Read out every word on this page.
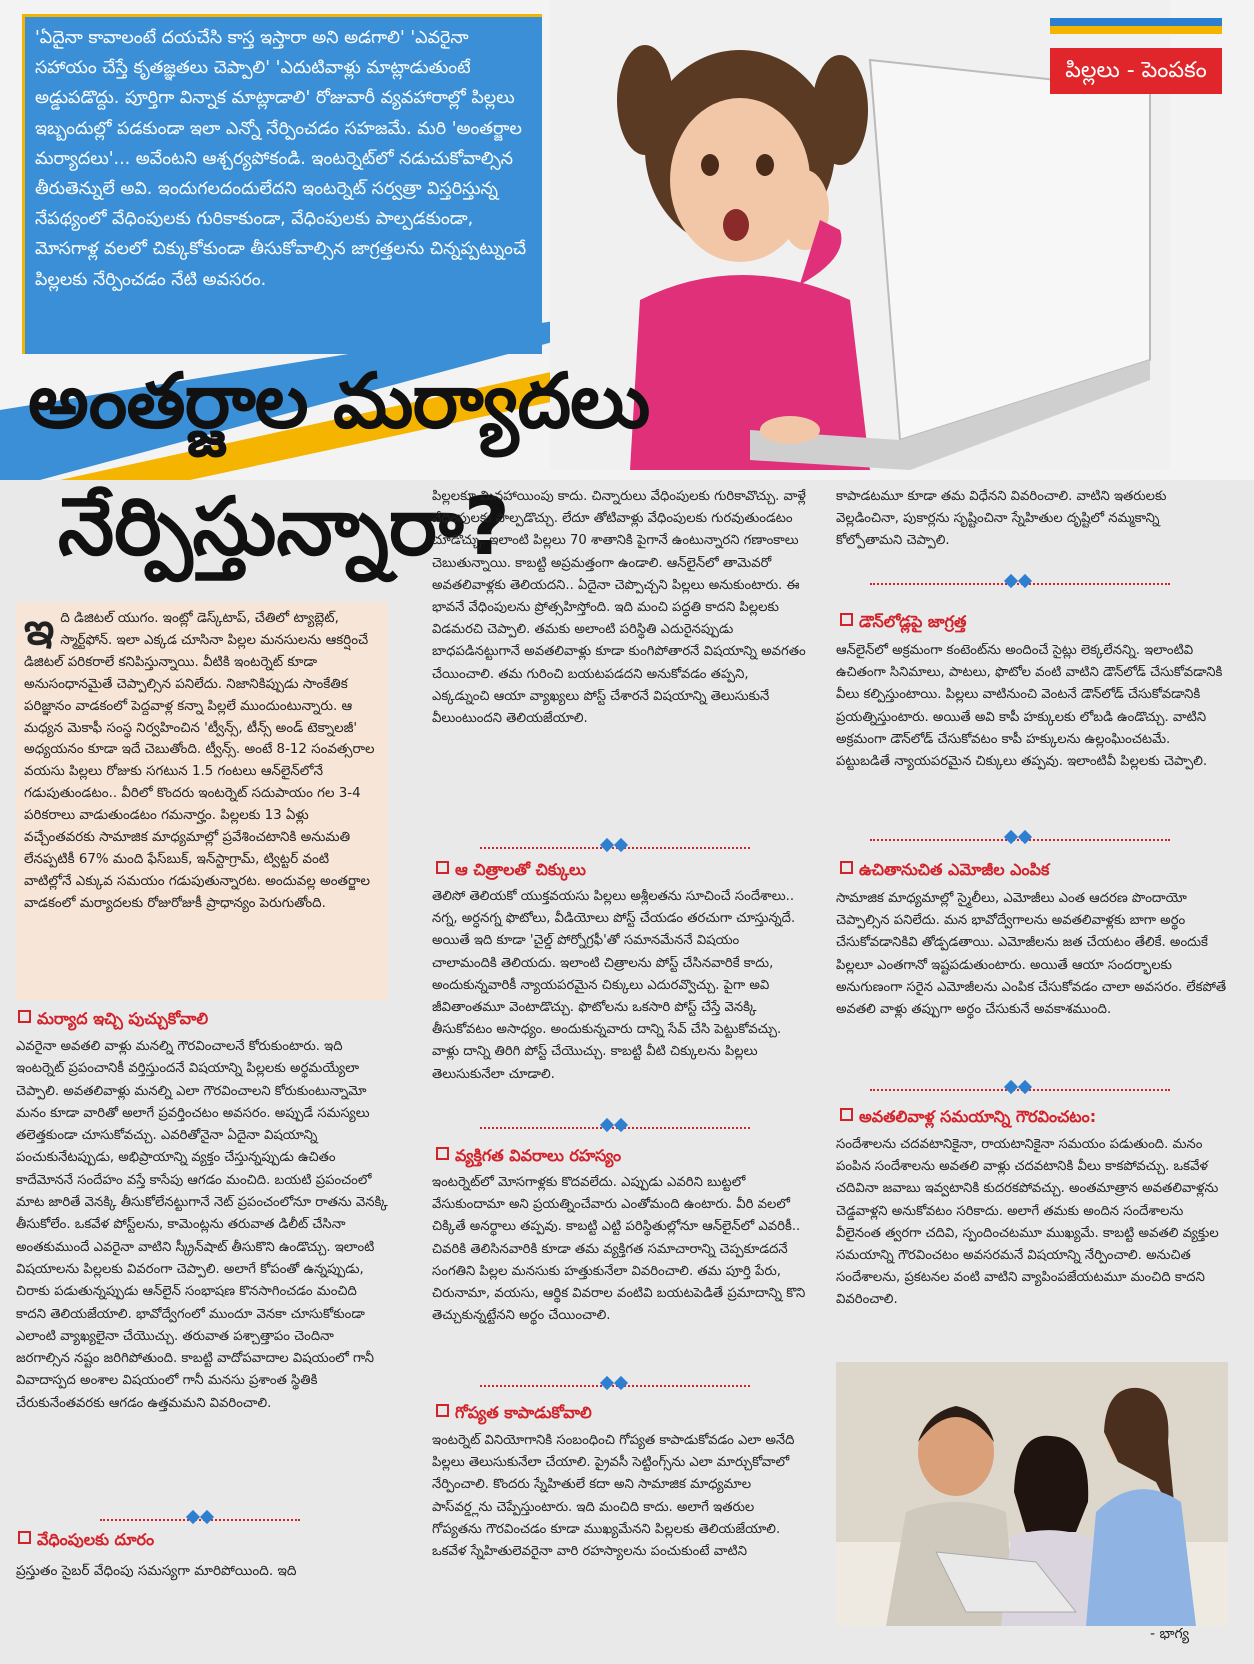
'ఏదైనా కావాలంటే దయచేసి కాస్త ఇస్తారా అని అడగాలి' 'ఎవరైనా సహాయం చేస్తే కృతజ్ఞతలు చెప్పాలి' 'ఎదుటివాళ్లు మాట్లాడుతుంటే అడ్డుపడొద్దు. పూర్తిగా విన్నాక మాట్లాడాలి' రోజువారీ వ్యవహారాల్లో పిల్లలు ఇబ్బందుల్లో పడకుండా ఇలా ఎన్నో నేర్పించడం సహజమే. మరి 'అంతర్జాల మర్యాదలు'... అవేంటని ఆశ్చర్యపోకండి. ఇంటర్నెట్‌లో నడుచుకోవాల్సిన తీరుతెన్నులే అవి. ఇందుగలదందులేదని ఇంటర్నెట్ సర్వత్రా విస్తరిస్తున్న నేపథ్యంలో వేధింపులకు గురికాకుండా, వేధింపులకు పాల్పడకుండా, మోసగాళ్ల వలలో చిక్కుకోకుండా తీసుకోవాల్సిన జాగ్రత్తలను చిన్నప్పట్నుంచే పిల్లలకు నేర్పించడం నేటి అవసరం.

పిల్లలు - పెంపకం
అంతర్జాల మర్యాదలు
నేర్పిస్తున్నారా?
ఇ ది డిజిటల్ యుగం. ఇంట్లో డెస్క్‌టాప్, చేతిలో ట్యాబ్లెట్, స్మార్ట్‌ఫోన్. ఇలా ఎక్కడ చూసినా పిల్లల మనసులను ఆకర్షించే డిజిటల్ పరికరాలే కనిపిస్తున్నాయి. వీటికి ఇంటర్నెట్ కూడా అనుసంధానమైతే చెప్పాల్సిన పనిలేదు. నిజానికిప్పుడు సాంకేతిక పరిజ్ఞానం వాడకంలో పెద్దవాళ్ల కన్నా పిల్లలే ముందుంటున్నారు. ఆ మధ్యన మెకాఫీ సంస్థ నిర్వహించిన 'ట్వీన్స్, టీన్స్ అండ్ టెక్నాలజీ' అధ్యయనం కూడా ఇదే చెబుతోంది. ట్వీన్స్. అంటే 8-12 సంవత్సరాల వయసు పిల్లలు రోజుకు సగటున 1.5 గంటలు ఆన్‌లైన్‌లోనే గడుపుతుండటం.. వీరిలో కొందరు ఇంటర్నెట్ సదుపాయం గల 3-4 పరికరాలు వాడుతుండటం గమనార్హం. పిల్లలకు 13 ఏళ్లు వచ్చేంతవరకు సామాజిక మాధ్యమాల్లో ప్రవేశించటానికి అనుమతి లేనప్పటికీ 67% మంది ఫేస్‌బుక్, ఇన్‌స్టాగ్రామ్, ట్విట్టర్ వంటి వాటిల్లోనే ఎక్కువ సమయం గడుపుతున్నారట. అందువల్ల అంతర్జాల వాడకంలో మర్యాదలకు రోజురోజుకీ ప్రాధాన్యం పెరుగుతోంది.
మర్యాద ఇచ్చి పుచ్చుకోవాలి

ఎవరైనా అవతలి వాళ్లు మనల్ని గౌరవించాలనే కోరుకుంటారు. ఇది ఇంటర్నెట్ ప్రపంచానికీ వర్తిస్తుందనే విషయాన్ని పిల్లలకు అర్థమయ్యేలా చెప్పాలి. అవతలివాళ్లు మనల్ని ఎలా గౌరవించాలని కోరుకుంటున్నామో మనం కూడా వారితో అలాగే ప్రవర్తించటం అవసరం. అప్పుడే సమస్యలు తలెత్తకుండా చూసుకోవచ్చు. ఎవరితోనైనా ఏదైనా విషయాన్ని పంచుకునేటప్పుడు, అభిప్రాయాన్ని వ్యక్తం చేస్తున్నప్పుడు ఉచితం కాదేమోననే సందేహం వస్తే కాసేపు ఆగడం మంచిది. బయటి ప్రపంచంలో మాట జారితే వెనక్కి తీసుకోలేనట్టుగానే నెట్ ప్రపంచంలోనూ రాతను వెనక్కి తీసుకోలేం. ఒకవేళ పోస్ట్‌లను, కామెంట్లను తరువాత డిలీట్ చేసినా అంతకుముందే ఎవరైనా వాటిని స్క్రీన్‌షాట్ తీసుకొని ఉండొచ్చు. ఇలాంటి విషయాలను పిల్లలకు వివరంగా చెప్పాలి. అలాగే కోపంతో ఉన్నప్పుడు, చిరాకు పడుతున్నప్పుడు ఆన్‌లైన్ సంభాషణ కొనసాగించడం మంచిది కాదని తెలియజేయాలి. భావోద్వేగంలో ముందూ వెనకా చూసుకోకుండా ఎలాంటి వ్యాఖ్యలైనా చేయొచ్చు. తరువాత పశ్చాత్తాపం చెందినా జరగాల్సిన నష్టం జరిగిపోతుంది. కాబట్టి వాదోపవాదాల విషయంలో గానీ వివాదాస్పద అంశాల విషయంలో గానీ మనసు ప్రశాంత స్థితికి చేరుకునేంతవరకు ఆగడం ఉత్తమమని వివరించాలి.

వేధింపులకు దూరం

ప్రస్తుతం సైబర్ వేధింపు సమస్యగా మారిపోయింది. ఇది

పిల్లలకూ మినహాయింపు కాదు. చిన్నారులు వేధింపులకు గురికావొచ్చు. వాళ్లే వేధింపులకు పాల్పడొచ్చు. లేదూ తోటివాళ్లు వేధింపులకు గురవుతుండటం చూడొచ్చు. ఇలాంటి పిల్లలు 70 శాతానికి పైగానే ఉంటున్నారని గణాంకాలు చెబుతున్నాయి. కాబట్టి అప్రమత్తంగా ఉండాలి. ఆన్‌లైన్‌లో తామెవరో అవతలివాళ్లకు తెలియదని.. ఏదైనా చెప్పొచ్చని పిల్లలు అనుకుంటారు. ఈ భావనే వేధింపులను ప్రోత్సహిస్తోంది. ఇది మంచి పద్ధతి కాదని పిల్లలకు విడమరచి చెప్పాలి. తమకు అలాంటి పరిస్థితి ఎదురైనప్పుడు బాధపడినట్టుగానే అవతలివాళ్లు కూడా కుంగిపోతారనే విషయాన్ని అవగతం చేయించాలి. తమ గురించి బయటపడదని అనుకోవడం తప్పని, ఎక్కడ్నుంచి ఆయా వ్యాఖ్యలు పోస్ట్ చేశారనే విషయాన్ని తెలుసుకునే వీలుంటుందని తెలియజేయాలి.

ఆ చిత్రాలతో చిక్కులు

తెలిసో తెలియకో యుక్తవయసు పిల్లలు అశ్లీలతను సూచించే సందేశాలు.. నగ్న, అర్ధనగ్న ఫొటోలు, వీడియోలు పోస్ట్ చేయడం తరచుగా చూస్తున్నదే. అయితే ఇది కూడా 'చైల్డ్ పోర్నోగ్రఫీ'తో సమానమేననే విషయం చాలామందికి తెలియదు. ఇలాంటి చిత్రాలను పోస్ట్ చేసినవారికే కాదు, అందుకున్నవారికీ న్యాయపరమైన చిక్కులు ఎదురవ్వొచ్చు. పైగా అవి జీవితాంతమూ వెంటాడొచ్చు. ఫొటోలను ఒకసారి పోస్ట్ చేస్తే వెనక్కి తీసుకోవటం అసాధ్యం. అందుకున్నవారు దాన్ని సేవ్ చేసి పెట్టుకోవచ్చు. వాళ్లు దాన్ని తిరిగి పోస్ట్ చేయొచ్చు. కాబట్టి వీటి చిక్కులను పిల్లలు తెలుసుకునేలా చూడాలి.

వ్యక్తిగత వివరాలు రహస్యం

ఇంటర్నెట్‌లో మోసగాళ్లకు కొదవలేదు. ఎప్పుడు ఎవరిని బుట్టలో వేసుకుందామా అని ప్రయత్నించేవారు ఎంతోమంది ఉంటారు. వీరి వలలో చిక్కితే అనర్థాలు తప్పవు. కాబట్టి ఎట్టి పరిస్థితుల్లోనూ ఆన్‌లైన్‌లో ఎవరికీ.. చివరికి తెలిసినవారికి కూడా తమ వ్యక్తిగత సమాచారాన్ని చెప్పకూడదనే సంగతిని పిల్లల మనసుకు హత్తుకునేలా వివరించాలి. తమ పూర్తి పేరు, చిరునామా, వయసు, ఆర్థిక వివరాల వంటివి బయటపెడితే ప్రమాదాన్ని కొని తెచ్చుకున్నట్టేనని అర్థం చేయించాలి.

గోప్యత కాపాడుకోవాలి

ఇంటర్నెట్ వినియోగానికి సంబంధించి గోప్యత కాపాడుకోవడం ఎలా అనేది పిల్లలు తెలుసుకునేలా చేయాలి. ప్రైవసీ సెట్టింగ్స్‌ను ఎలా మార్చుకోవాలో నేర్పించాలి. కొందరు స్నేహితులే కదా అని సామాజిక మాధ్యమాల పాస్‌వర్డ్లను చెప్పేస్తుంటారు. ఇది మంచిది కాదు. అలాగే ఇతరుల గోప్యతను గౌరవించడం కూడా ముఖ్యమేనని పిల్లలకు తెలియజేయాలి. ఒకవేళ స్నేహితులెవరైనా వారి రహస్యాలను పంచుకుంటే వాటిని

కాపాడటమూ కూడా తమ విధేనని వివరించాలి. వాటిని ఇతరులకు వెల్లడించినా, పుకార్లను సృష్టించినా స్నేహితుల దృష్టిలో నమ్మకాన్ని కోల్పోతామని చెప్పాలి.

డౌన్‌లోడ్లపై జాగ్రత్త

ఆన్‌లైన్‌లో అక్రమంగా కంటెంట్‌ను అందించే సైట్లు లెక్కలేనన్ని. ఇలాంటివి ఉచితంగా సినిమాలు, పాటలు, ఫొటోల వంటి వాటిని డౌన్‌లోడ్ చేసుకోవడానికి వీలు కల్పిస్తుంటాయి. పిల్లలు వాటినుంచి వెంటనే డౌన్‌లోడ్ చేసుకోవడానికి ప్రయత్నిస్తుంటారు. అయితే అవి కాపీ హక్కులకు లోబడి ఉండొచ్చు. వాటిని అక్రమంగా డౌన్‌లోడ్ చేసుకోవటం కాపీ హక్కులను ఉల్లంఘించటమే. పట్టుబడితే న్యాయపరమైన చిక్కులు తప్పవు. ఇలాంటివీ పిల్లలకు చెప్పాలి.

ఉచితానుచిత ఎమోజీల ఎంపిక

సామాజిక మాధ్యమాల్లో స్మైలీలు, ఎమోజీలు ఎంత ఆదరణ పొందాయో చెప్పాల్సిన పనిలేదు. మన భావోద్వేగాలను అవతలివాళ్లకు బాగా అర్థం చేసుకోవడానికివి తోడ్పడతాయి. ఎమోజీలను జత చేయటం తేలికే. అందుకే పిల్లలూ ఎంతగానో ఇష్టపడుతుంటారు. అయితే ఆయా సందర్భాలకు అనుగుణంగా సరైన ఎమోజీలను ఎంపిక చేసుకోవడం చాలా అవసరం. లేకపోతే అవతలి వాళ్లు తప్పుగా అర్థం చేసుకునే అవకాశముంది.

అవతలివాళ్ల సమయాన్ని గౌరవించటం:

సందేశాలను చదవటానికైనా, రాయటానికైనా సమయం పడుతుంది. మనం పంపిన సందేశాలను అవతలి వాళ్లు చదవటానికి వీలు కాకపోవచ్చు. ఒకవేళ చదివినా జవాబు ఇవ్వటానికి కుదరకపోవచ్చు. అంతమాత్రాన అవతలివాళ్లను చెడ్డవాళ్లని అనుకోవటం సరికాదు. అలాగే తమకు అందిన సందేశాలను వీలైనంత త్వరగా చదివి, స్పందించటమూ ముఖ్యమే. కాబట్టి అవతలి వ్యక్తుల సమయాన్ని గౌరవించటం అవసరమనే విషయాన్ని నేర్పించాలి. అనుచిత సందేశాలను, ప్రకటనల వంటి వాటిని వ్యాపింపజేయటమూ మంచిది కాదని వివరించాలి.

- భాగ్య
